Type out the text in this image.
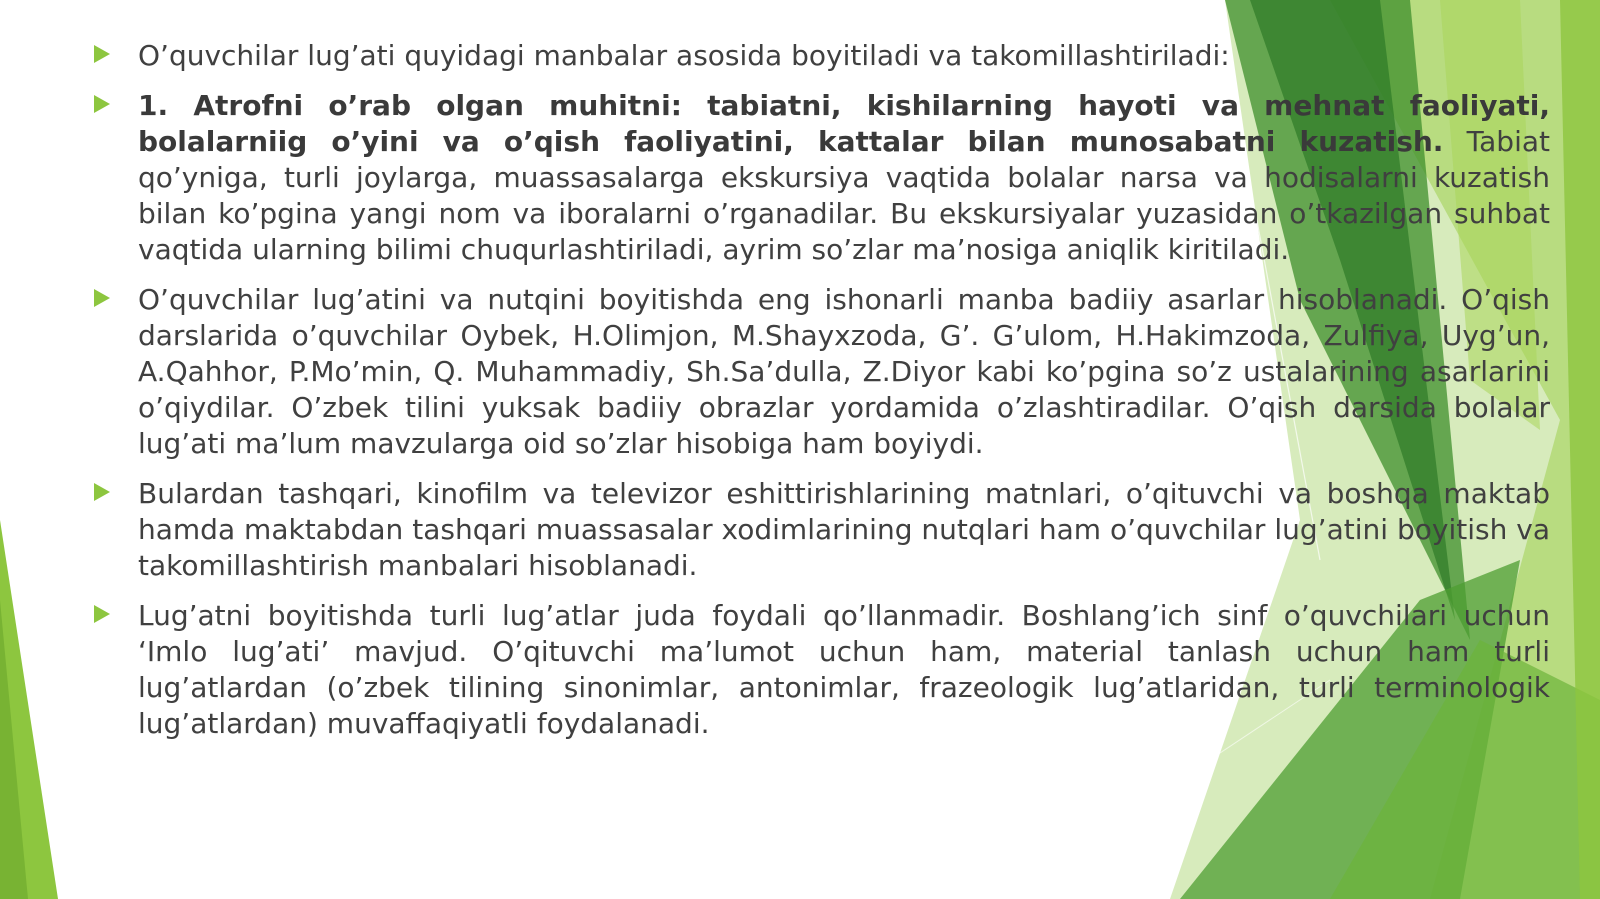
O’quvchilar lug’ati quyidagi manbalar asosida boyitiladi va takomillashtiriladi:
1. Atrofni o’rab olgan muhitni: tabiatni, kishilarning hayoti va mehnat faoliyati, bolalarniig o’yini va o’qish faoliyatini, kattalar bilan munosabatni kuzatish. Tabiat qo’yniga, turli joylarga, muassasalarga ekskursiya vaqtida bolalar narsa va hodisalarni kuzatish bilan ko’pgina yangi nom va iboralarni o’rganadilar. Bu ekskursiyalar yuzasidan o’tkazilgan suhbat vaqtida ularning bilimi chuqurlashtiriladi, ayrim so’zlar ma’nosiga aniqlik kiritiladi.
O’quvchilar lug’atini va nutqini boyitishda eng ishonarli manba badiiy asarlar hisoblanadi. O’qish darslarida o’quvchilar Oybek, H.Olimjon, M.Shayxzoda, G’. G’ulom, H.Hakimzoda, Zulfiya, Uyg’un, A.Qahhor, P.Mo’min, Q. Muhammadiy, Sh.Sa’dulla, Z.Diyor kabi ko’pgina so’z ustalarining asarlarini o’qiydilar. O’zbek tilini yuksak badiiy obrazlar yordamida o’zlashtiradilar. O’qish darsida bolalar lug’ati ma’lum mavzularga oid so’zlar hisobiga ham boyiydi.
Bulardan tashqari, kinofilm va televizor eshittirishlarining matnlari, o’qituvchi va boshqa maktab hamda maktabdan tashqari muassasalar xodimlarining nutqlari ham o’quvchilar lug’atini boyitish va takomillashtirish manbalari hisoblanadi.
Lug’atni boyitishda turli lug’atlar juda foydali qo’llanmadir. Boshlang’ich sinf o’quvchilari uchun ‘Imlo lug’ati’ mavjud. O’qituvchi ma’lumot uchun ham, material tanlash uchun ham turli lug’atlardan (o’zbek tilining sinonimlar, antonimlar, frazeologik lug’atlaridan, turli terminologik lug’atlardan) muvaffaqiyatli foydalanadi.
